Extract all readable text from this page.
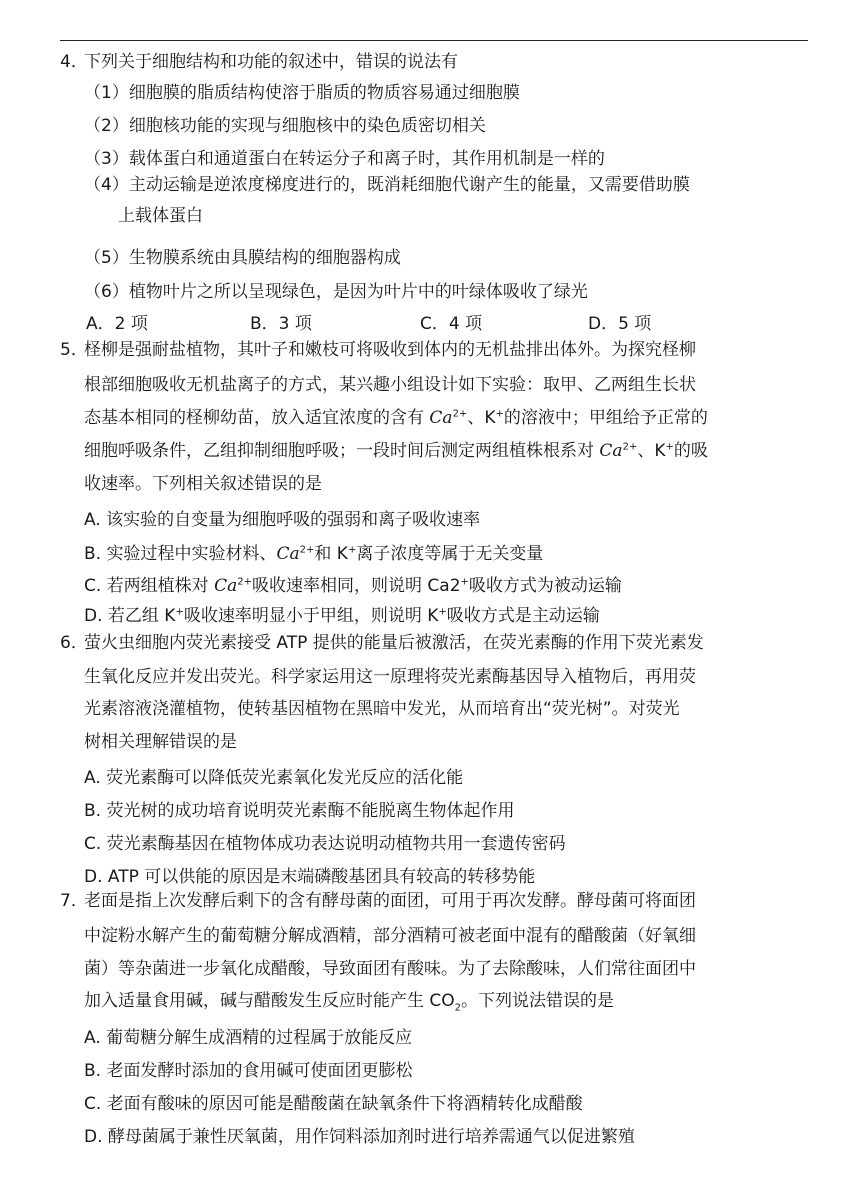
4．
下列关于细胞结构和功能的叙述中，错误的说法有
（1）细胞膜的脂质结构使溶于脂质的物质容易通过细胞膜
（2）细胞核功能的实现与细胞核中的染色质密切相关
（3）载体蛋白和通道蛋白在转运分子和离子时，其作用机制是一样的
（4）主动运输是逆浓度梯度进行的，既消耗细胞代谢产生的能量，又需要借助膜
上载体蛋白
（5）生物膜系统由具膜结构的细胞器构成
（6）植物叶片之所以呈现绿色，是因为叶片中的叶绿体吸收了绿光
A．2 项	B．3 项	C．4 项	D．5 项
5．
柽柳是强耐盐植物，其叶子和嫩枝可将吸收到体内的无机盐排出体外。为探究柽柳
根部细胞吸收无机盐离子的方式，某兴趣小组设计如下实验：取甲、乙两组生长状
态基本相同的柽柳幼苗，放入适宜浓度的含有 $Ca^{2+}$、K+的溶液中；甲组给予正常的
细胞呼吸条件，乙组抑制细胞呼吸；一段时间后测定两组植株根系对 $Ca^{2+}$、K+的吸
收速率。下列相关叙述错误的是
A. 该实验的自变量为细胞呼吸的强弱和离子吸收速率
B. 实验过程中实验材料、$Ca^{2+}$和 K+离子浓度等属于无关变量
C. 若两组植株对 $Ca^{2+}$吸收速率相同，则说明 Ca2+吸收方式为被动运输
D. 若乙组 K+吸收速率明显小于甲组，则说明 K+吸收方式是主动运输
6．
萤火虫细胞内荧光素接受 ATP 提供的能量后被激活，在荧光素酶的作用下荧光素发
生氧化反应并发出荧光。科学家运用这一原理将荧光素酶基因导入植物后，再用荧
光素溶液浇灌植物，使转基因植物在黑暗中发光，从而培育出“荧光树”。对荧光
树相关理解错误的是
A. 荧光素酶可以降低荧光素氧化发光反应的活化能
B. 荧光树的成功培育说明荧光素酶不能脱离生物体起作用
C. 荧光素酶基因在植物体成功表达说明动植物共用一套遗传密码
D. ATP 可以供能的原因是末端磷酸基团具有较高的转移势能
7．
老面是指上次发酵后剩下的含有酵母菌的面团，可用于再次发酵。酵母菌可将面团
中淀粉水解产生的葡萄糖分解成酒精，部分酒精可被老面中混有的醋酸菌（好氧细
菌）等杂菌进一步氧化成醋酸，导致面团有酸味。为了去除酸味，人们常往面团中
加入适量食用碱，碱与醋酸发生反应时能产生 $CO_2$。下列说法错误的是
A. 葡萄糖分解生成酒精的过程属于放能反应
B. 老面发酵时添加的食用碱可使面团更膨松
C. 老面有酸味的原因可能是醋酸菌在缺氧条件下将酒精转化成醋酸
D. 酵母菌属于兼性厌氧菌，用作饲料添加剂时进行培养需通气以促进繁殖
